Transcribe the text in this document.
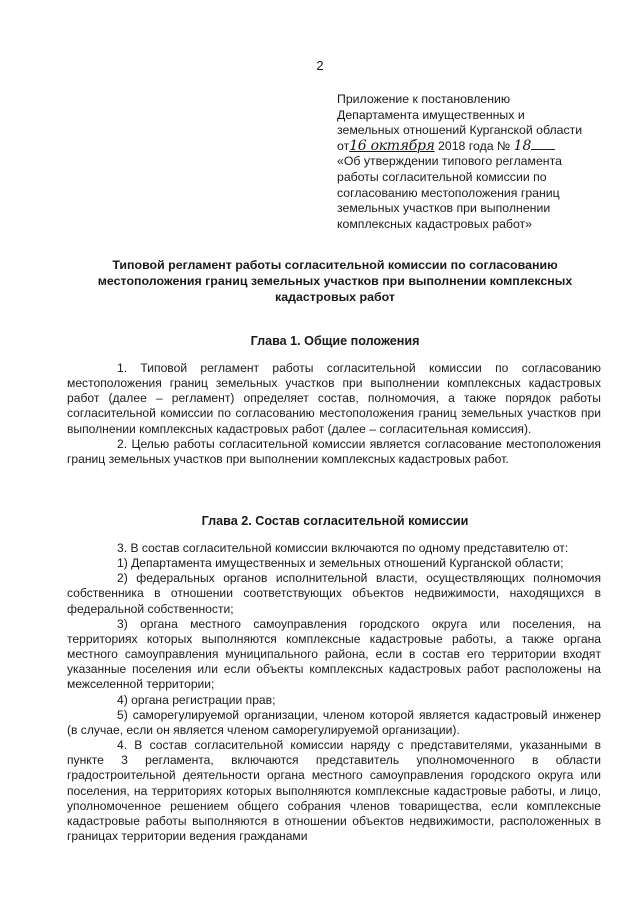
2
Приложение к постановлению
Департамента имущественных и
земельных отношений Курганской области
от16 октября 2018 года № 18
«Об утверждении типового регламента
работы согласительной комиссии по
согласованию местоположения границ
земельных участков при выполнении
комплексных кадастровых работ»
Типовой регламент работы согласительной комиссии по согласованию
местоположения границ земельных участков при выполнении комплексных
кадастровых работ
Глава 1. Общие положения

1. Типовой регламент работы согласительной комиссии по согласованию местоположения границ земельных участков при выполнении комплексных кадастровых работ (далее – регламент) определяет состав, полномочия, а также порядок работы согласительной комиссии по согласованию местоположения границ земельных участков при выполнении комплексных кадастровых работ (далее – согласительная комиссия).

2. Целью работы согласительной комиссии является согласование местоположения границ земельных участков при выполнении комплексных кадастровых работ.

Глава 2. Состав согласительной комиссии

3. В состав согласительной комиссии включаются по одному представителю от:

1) Департамента имущественных и земельных отношений Курганской области;

2) федеральных органов исполнительной власти, осуществляющих полномочия собственника в отношении соответствующих объектов недвижимости, находящихся в федеральной собственности;

3) органа местного самоуправления городского округа или поселения, на территориях которых выполняются комплексные кадастровые работы, а также органа местного самоуправления муниципального района, если в состав его территории входят указанные поселения или если объекты комплексных кадастровых работ расположены на межселенной территории;

4) органа регистрации прав;

5) саморегулируемой организации, членом которой является кадастровый инженер (в случае, если он является членом саморегулируемой организации).

4. В состав согласительной комиссии наряду с представителями, указанными в пункте 3 регламента, включаются представитель уполномоченного в области градостроительной деятельности органа местного самоуправления городского округа или поселения, на территориях которых выполняются комплексные кадастровые работы, и лицо, уполномоченное решением общего собрания членов товарищества, если комплексные кадастровые работы выполняются в отношении объектов недвижимости, расположенных в границах территории ведения гражданами
